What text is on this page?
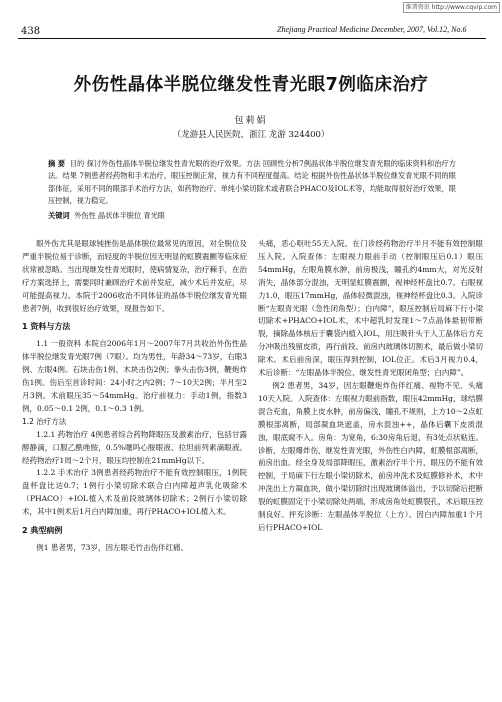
维普资讯 http://www.cqvip.com
438	Zhejiang Practical Medicine December, 2007, Vol.12, No.6
外伤性晶体半脱位继发性青光眼7例临床治疗
包莉娟
（龙游县人民医院，浙江 龙游 324400）
摘 要 目的 探讨外伤性晶体半脱位继发性青光眼的治疗效果。方法 回顾性分析7例晶状体半脱位继发青光眼的临床资料和治疗方法。结果 7例患者经药物和手术治疗，眼压控制正常，视力有不同程度提高。结论 根据外伤性晶状体半脱位继发青光眼不同的眼部体征，采用不同的眼部手术治疗方法，如药物治疗、单纯小梁切除术或者联合PHACO及IOL术等，均能取得很好治疗效果，眼压控制，视力稳定。
关键词 外伤性 晶状体半脱位 青光眼

眼外伤尤其是眼球钝挫伤是晶体脱位最常见的原因，对全脱位及严重半脱位易于诊断，而轻度的半脱位因无明显的虹膜震颤等临床症状常被忽略。当出现继发性青光眼时，使病情复杂，治疗棘手，在治疗方案选择上，需要同时兼顾治疗术前并发症，减少术后并发症，尽可能提高视力。本院于2006收治不同体征的晶体半脱位继发青光眼患者7例，收到很好治疗效果，现报告如下。

1 资料与方法

1.1 一般资料 本院自2006年1月～2007年7月共收治外伤性晶体半脱位继发青光眼7例（7眼）。均为男性，年龄34～73岁，右眼3例、左眼4例。石块击伤1例、木块击伤2例；拳头击伤3例，鞭炮炸伤1例。伤后至首诊时间：24小时之内2例；7～10天2例；半月至2月3例。术前眼压35～54mmHg。治疗前视力：手动1例，指数3例，0.05～0.1 2例，0.1～0.3 1例。

1.2 治疗方法

1.2.1 药物治疗 4例患者综合药物降眼压及激素治疗，包括甘露醇静滴，口服乙酰唑胺，0.5%噻吗心胺眼液、拉坦前列素滴眼液。经药物治疗1周～2个月，眼压均控制在21mmHg以下。

1.2.2 手术治疗 3例患者经药物治疗不能有效控制眼压，1例院盘杯盘比达0.7；1例行小梁切除术联合白内障超声乳化吸除术（PHACO）+IOL植入术及前段玻璃体切除术；2例行小梁切除术，其中1例术后1月白内障加重，再行PHACO+IOL植入术。

2 典型病例

例1 患者男，73岁，因左眼毛竹击伤伴红痛、

头痛，恶心呕吐55天入院。在门诊经药物治疗半月不能有效控制眼压入院。入院查体：左眼视力眼前手动（控制眼压后0.1）眼压54mmHg，左眼角膜水肿，前房极浅，瞳孔约4mm大，对光反射消失，晶体部分混浊，无明显虹膜震颤，视神经杯盘比0.7。右眼视力1.0，眼压17mmHg，晶体轻微混浊，视神经杯盘比0.3。入院诊断“左眼青光眼（急性闭角型）；白内障”，眼压控制后局麻下行小梁切除术+PHACO+IOL术，术中超乳时发现1～7点晶体悬韧带断裂，摘除晶体核后于囊袋内植入IOL，用注吸针头于人工晶体后方充分冲吸出残留皮质，再行前段、前房内玻璃体切割术，最后做小梁切除术。术后前房深，眼压得到控制，IOL位正。术后3月视力0.4，术后诊断：“左眼晶体半脱位、继发性青光眼闭角型；白内障”。

例2 患者男，34岁，因左眼鞭炮炸伤伴红痛、视物不见、头痛10天入院。入院查体：左眼视力眼前指数，眼压42mmHg，球结膜混合充血，角膜上皮水肿，前房偏浅，瞳孔不规则，上方10～2点虹膜根部离断，局部凝血块遮盖，房水混浊++，晶体后囊下皮质混浊，眼底窥不入。房角：为宽角，6:30房角后退，有3处点状粘连。诊断，左眼爆炸伤，继发性青光眼，外伤性白内障，虹膜根部离断，前房出血。经全身及局部降眼压，激素治疗半个月，眼压仍不能有效控制，于局麻下行左眼小梁切除术，前房冲洗术及虹膜修补术，术中冲洗出上方凝血块，做小梁切除时出现玻璃体溢出，予以切除后把断裂的虹膜固定于小梁切除处两端，形成房角处虹膜裂孔，术后眼压控制良好。抨充诊断：左眼晶体半脱位（上方）。因白内障加重1个月后行PHACO+IOL
